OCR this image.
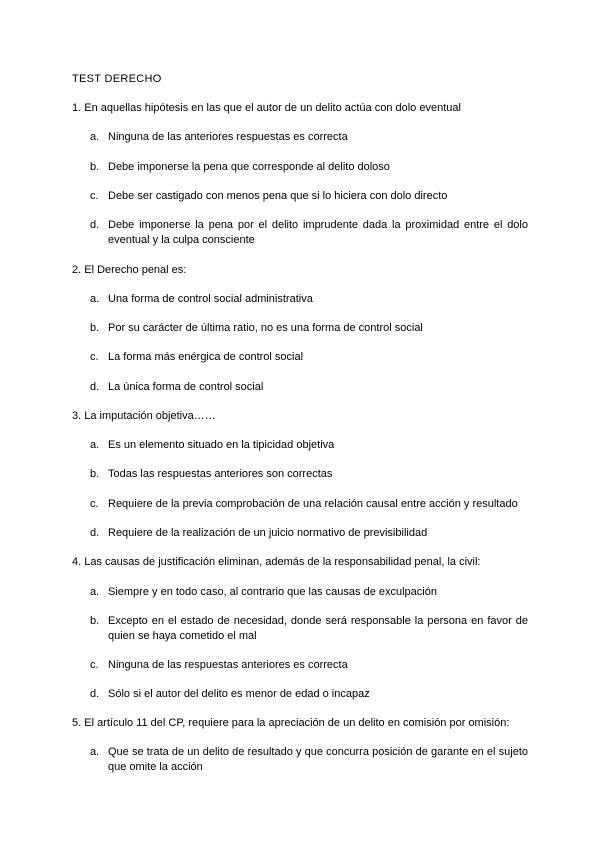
TEST DERECHO
1. En aquellas hipótesis en las que el autor de un delito actúa con dolo eventual
a. Ninguna de las anteriores respuestas es correcta
b. Debe imponerse la pena que corresponde al delito doloso
c. Debe ser castigado con menos pena que si lo hiciera con dolo directo
d. Debe imponerse la pena por el delito imprudente dada la proximidad entre el dolo eventual y la culpa consciente
2. El Derecho penal es:
a. Una forma de control social administrativa
b. Por su carácter de última ratio, no es una forma de control social
c. La forma más enérgica de control social
d. La única forma de control social
3. La imputación objetiva……
a. Es un elemento situado en la tipicidad objetiva
b. Todas las respuestas anteriores son correctas
c. Requiere de la previa comprobación de una relación causal entre acción y resultado
d. Requiere de la realización de un juicio normativo de previsibilidad
4. Las causas de justificación eliminan, además de la responsabilidad penal, la civil:
a. Siempre y en todo caso, al contrario que las causas de exculpación
b. Excepto en el estado de necesidad, donde será responsable la persona en favor de quien se haya cometido el mal
c. Ninguna de las respuestas anteriores es correcta
d. Sólo si el autor del delito es menor de edad o incapaz
5. El artículo 11 del CP, requiere para la apreciación de un delito en comisión por omisión:
a. Que se trata de un delito de resultado y que concurra posición de garante en el sujeto que omite la acción
